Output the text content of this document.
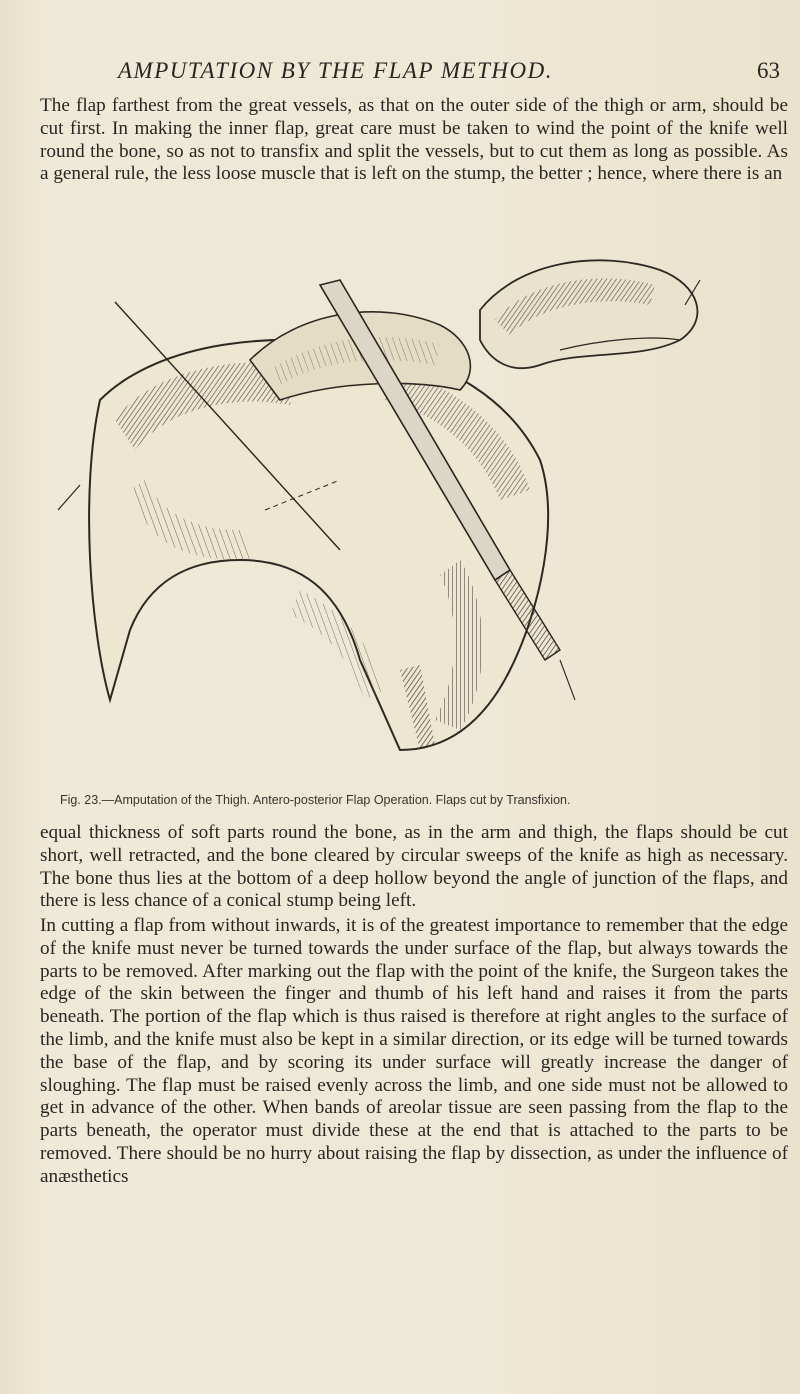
AMPUTATION BY THE FLAP METHOD.	63

The flap farthest from the great vessels, as that on the outer side of the thigh or arm, should be cut first. In making the inner flap, great care must be taken to wind the point of the knife well round the bone, so as not to transfix and split the vessels, but to cut them as long as possible. As a general rule, the less loose muscle that is left on the stump, the better ; hence, where there is an

Fig. 23.—Amputation of the Thigh. Antero-posterior Flap Operation. Flaps cut by Transfixion.

equal thickness of soft parts round the bone, as in the arm and thigh, the flaps should be cut short, well retracted, and the bone cleared by circular sweeps of the knife as high as necessary. The bone thus lies at the bottom of a deep hollow beyond the angle of junction of the flaps, and there is less chance of a conical stump being left.

In cutting a flap from without inwards, it is of the greatest importance to remember that the edge of the knife must never be turned towards the under surface of the flap, but always towards the parts to be removed. After marking out the flap with the point of the knife, the Surgeon takes the edge of the skin between the finger and thumb of his left hand and raises it from the parts beneath. The portion of the flap which is thus raised is therefore at right angles to the surface of the limb, and the knife must also be kept in a similar direction, or its edge will be turned towards the base of the flap, and by scoring its under surface will greatly increase the danger of sloughing. The flap must be raised evenly across the limb, and one side must not be allowed to get in advance of the other. When bands of areolar tissue are seen passing from the flap to the parts beneath, the operator must divide these at the end that is attached to the parts to be removed. There should be no hurry about raising the flap by dissection, as under the influence of anæsthetics
